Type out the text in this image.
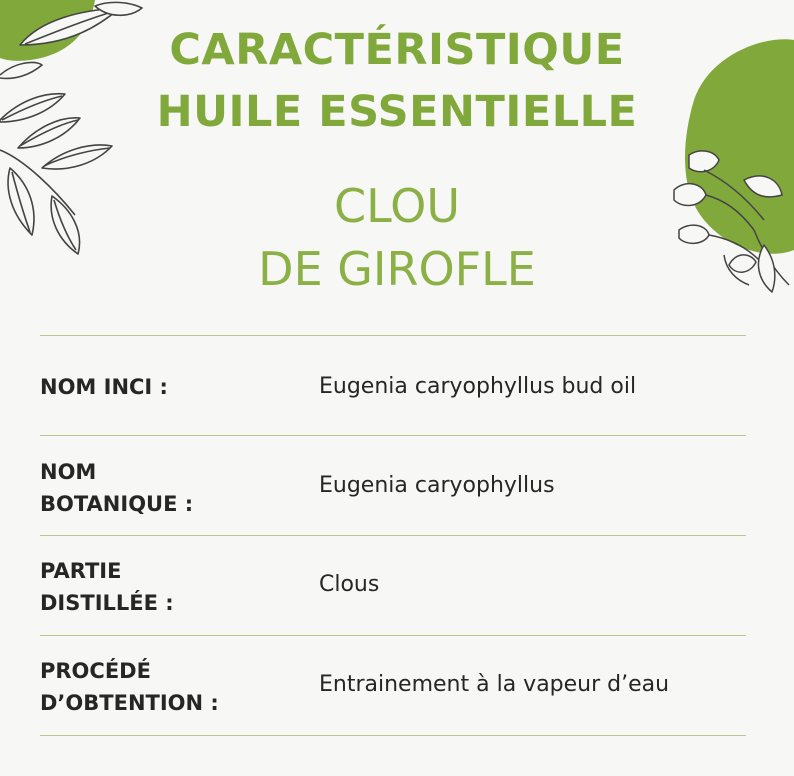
CARACTÉRISTIQUE
HUILE ESSENTIELLE
CLOU
DE GIROFLE
NOM INCI :	Eugenia caryophyllus bud oil
NOM
BOTANIQUE :
Eugenia caryophyllus
PARTIE
DISTILLÉE :
Clous
PROCÉDÉ
D’OBTENTION :
Entrainement à la vapeur d’eau
